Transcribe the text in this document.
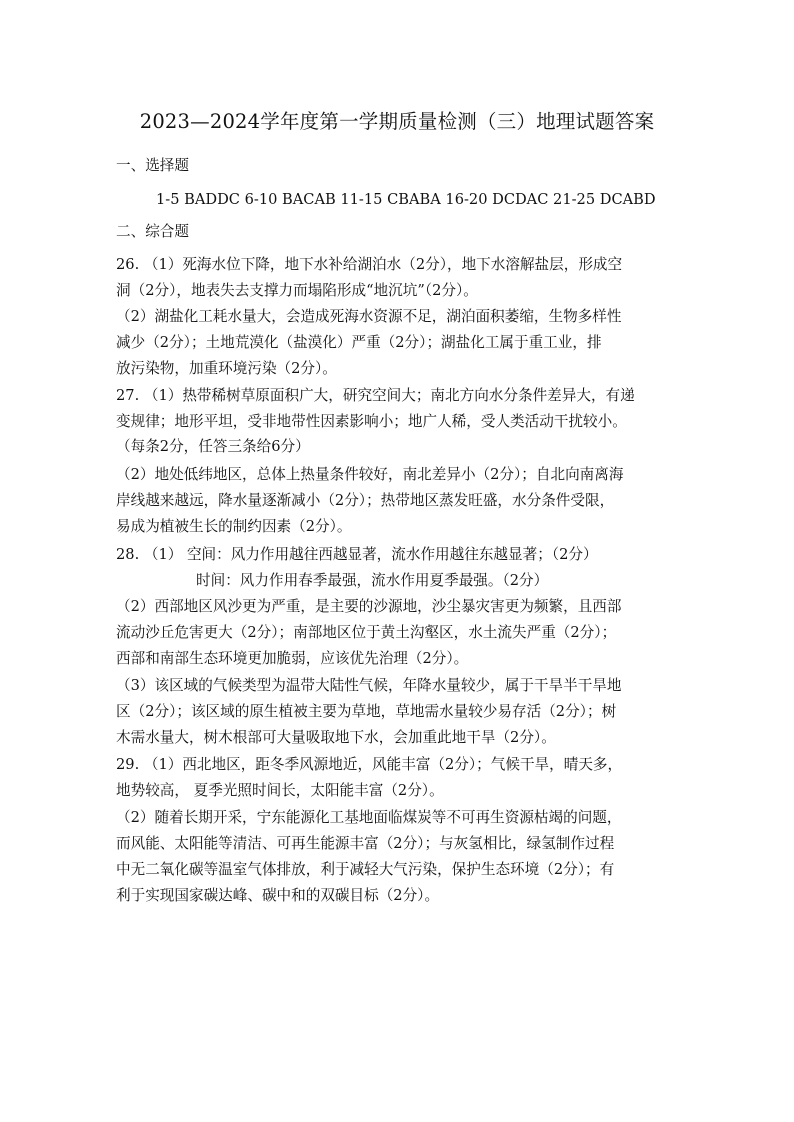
2023—2024学年度第一学期质量检测（三）地理试题答案
一、选择题
1-5 BADDC 6-10 BACAB 11-15 CBABA 16-20 DCDAC 21-25 DCABD
二、综合题
26. （1）死海水位下降，地下水补给湖泊水（2分），地下水溶解盐层，形成空
洞（2分），地表失去支撑力而塌陷形成“地沉坑”（2分）。
（2）湖盐化工耗水量大，会造成死海水资源不足，湖泊面积萎缩，生物多样性
减少（2分）；土地荒漠化（盐漠化）严重（2分）；湖盐化工属于重工业，排
放污染物，加重环境污染（2分）。
27. （1）热带稀树草原面积广大，研究空间大；南北方向水分条件差异大，有递
变规律；地形平坦，受非地带性因素影响小；地广人稀，受人类活动干扰较小。
（每条2分，任答三条给6分）
（2）地处低纬地区，总体上热量条件较好，南北差异小（2分）；自北向南离海
岸线越来越远，降水量逐渐减小（2分）；热带地区蒸发旺盛，水分条件受限，
易成为植被生长的制约因素（2分）。
28. （1） 空间：风力作用越往西越显著，流水作用越往东越显著；（2分）
时间：风力作用春季最强，流水作用夏季最强。（2分）
（2）西部地区风沙更为严重，是主要的沙源地，沙尘暴灾害更为频繁，且西部
流动沙丘危害更大（2分）；南部地区位于黄土沟壑区，水土流失严重（2分）；
西部和南部生态环境更加脆弱，应该优先治理（2分）。
（3）该区域的气候类型为温带大陆性气候，年降水量较少，属于干旱半干旱地
区（2分）；该区域的原生植被主要为草地，草地需水量较少易存活（2分）；树
木需水量大，树木根部可大量吸取地下水，会加重此地干旱（2分）。
29. （1）西北地区，距冬季风源地近，风能丰富（2分）；气候干旱，晴天多，
地势较高， 夏季光照时间长，太阳能丰富（2分）。
（2）随着长期开采，宁东能源化工基地面临煤炭等不可再生资源枯竭的问题，
而风能、太阳能等清洁、可再生能源丰富（2分）；与灰氢相比，绿氢制作过程
中无二氧化碳等温室气体排放，利于减轻大气污染，保护生态环境（2分）；有
利于实现国家碳达峰、碳中和的双碳目标（2分）。
